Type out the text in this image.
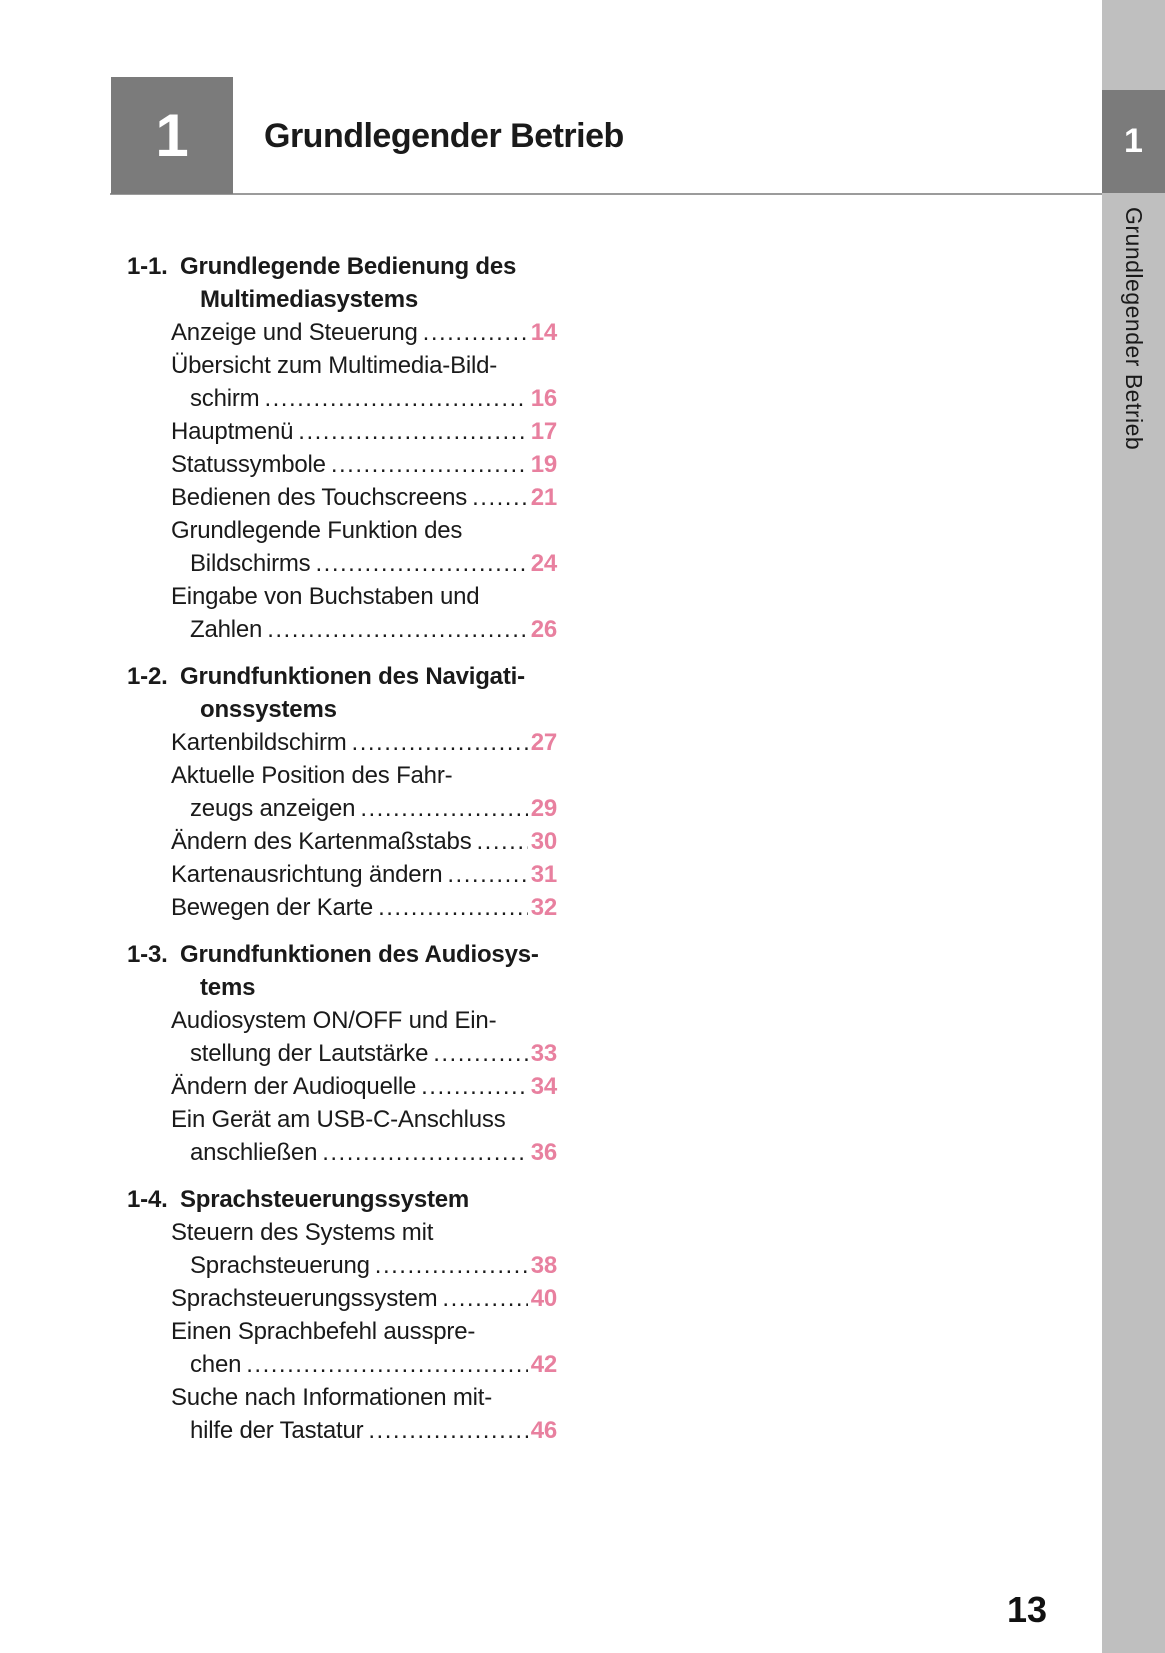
1
Grundlegender Betrieb
1 Grundlegender Betrieb
1-1. Grundlegende Bedienung des
Multimediasystems
Anzeige und Steuerung .....	14
Übersicht zum Multimedia-Bild-
schirm .....	16
Hauptmenü .....	17
Statussymbole .....	19
Bedienen des Touchscreens .....	21
Grundlegende Funktion des
Bildschirms .....	24
Eingabe von Buchstaben und
Zahlen .....	26
1-2. Grundfunktionen des Navigati-
onssystems
Kartenbildschirm .....	27
Aktuelle Position des Fahr-
zeugs anzeigen .....	29
Ändern des Kartenmaßstabs ..... 30
Kartenausrichtung ändern .....	31
Bewegen der Karte .....	32
1-3. Grundfunktionen des Audiosys-
tems
Audiosystem ON/OFF und Ein-
stellung der Lautstärke .....	33
Ändern der Audioquelle .....	34
Ein Gerät am USB-C-Anschluss
anschließen .....	36
1-4. Sprachsteuerungssystem
Steuern des Systems mit
Sprachsteuerung .....	38
Sprachsteuerungssystem .....	40
Einen Sprachbefehl ausspre-
chen .....	42
Suche nach Informationen mit-
hilfe der Tastatur .....	46
13
